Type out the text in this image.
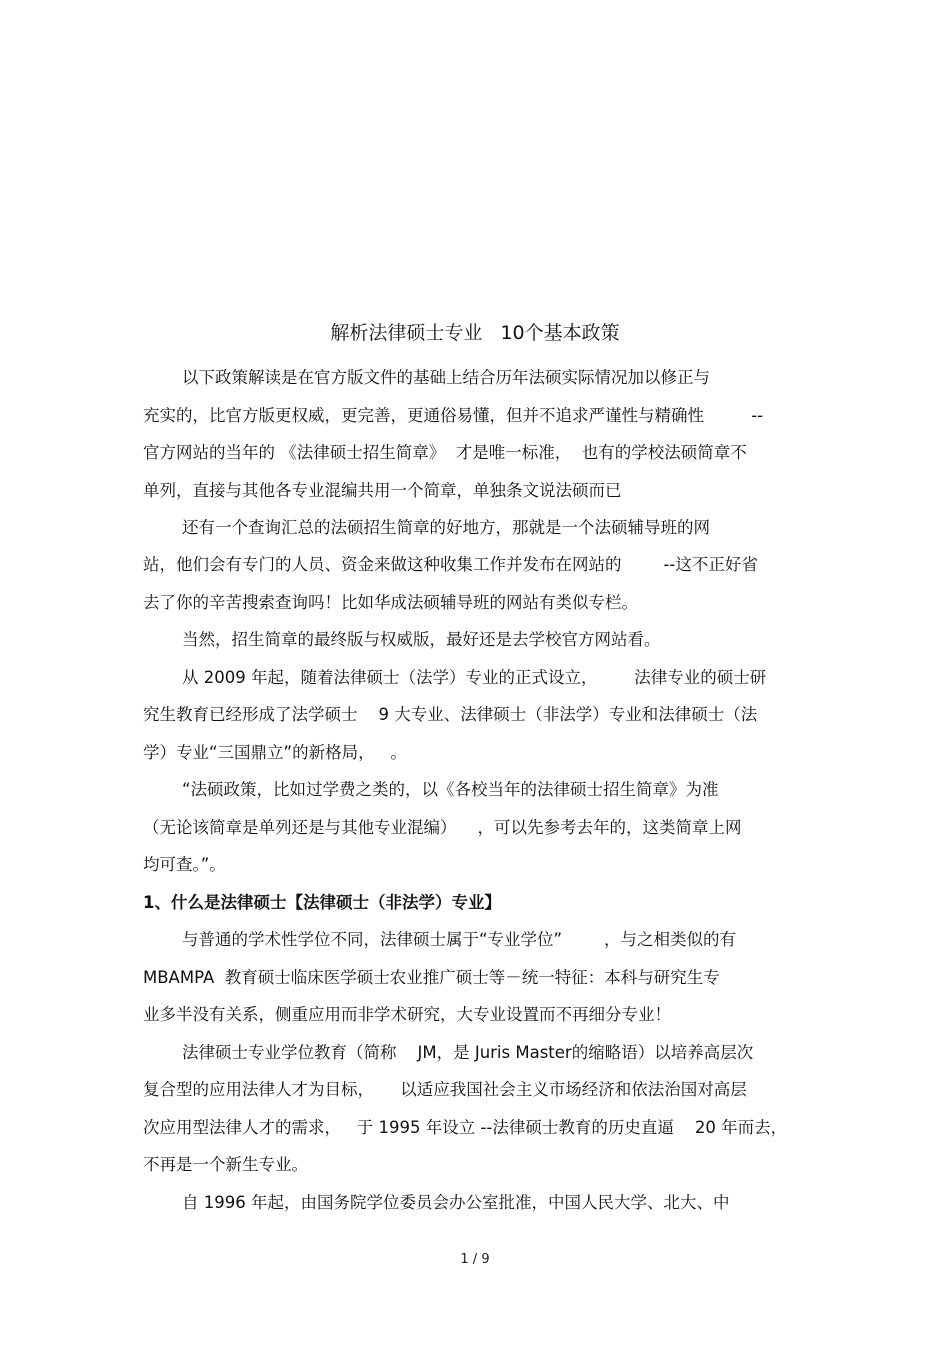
解析法律硕士专业   10个基本政策
以下政策解读是在官方版文件的基础上结合历年法硕实际情况加以修正与
充实的，比官方版更权威，更完善，更通俗易懂，但并不追求严谨性与精确性         --
官方网站的当年的 《法律硕士招生简章》  才是唯一标准，  也有的学校法硕简章不
单列，直接与其他各专业混编共用一个简章，单独条文说法硕而已
还有一个查询汇总的法硕招生简章的好地方，那就是一个法硕辅导班的网
站，他们会有专门的人员、资金来做这种收集工作并发布在网站的        --这不正好省
去了你的辛苦搜索查询吗！比如华成法硕辅导班的网站有类似专栏。
当然，招生简章的最终版与权威版，最好还是去学校官方网站看。
从 2009 年起，随着法律硕士（法学）专业的正式设立，       法律专业的硕士研
究生教育已经形成了法学硕士    9 大专业、法律硕士（非法学）专业和法律硕士（法
学）专业“三国鼎立”的新格局，   。
“法硕政策，比如过学费之类的，以《各校当年的法律硕士招生简章》为准
（无论该简章是单列还是与其他专业混编）    ，可以先参考去年的，这类简章上网
均可查。”。
1、什么是法律硕士【法律硕士（非法学）专业】
与普通的学术性学位不同，法律硕士属于“专业学位”        ，与之相类似的有
MBAMPA  教育硕士临床医学硕士农业推广硕士等－统一特征：本科与研究生专
业多半没有关系，侧重应用而非学术研究，大专业设置而不再细分专业！
法律硕士专业学位教育（简称    JM，是 Juris Master的缩略语）以培养高层次
复合型的应用法律人才为目标，     以适应我国社会主义市场经济和依法治国对高层
次应用型法律人才的需求，   于 1995 年设立 --法律硕士教育的历史直逼    20 年而去，
不再是一个新生专业。
自 1996 年起，由国务院学位委员会办公室批准，中国人民大学、北大、中
1 / 9
